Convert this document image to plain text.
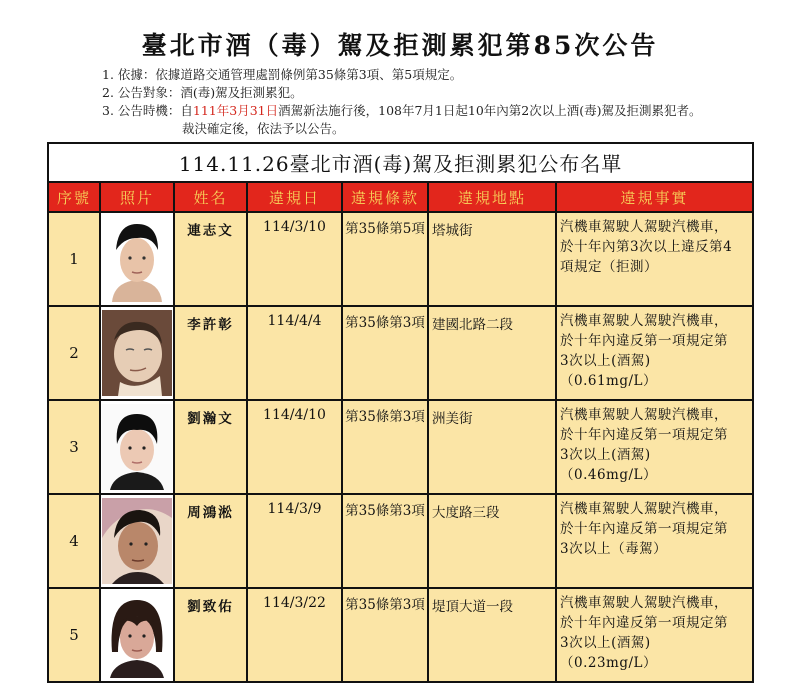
臺北市酒（毒）駕及拒測累犯第85次公告
1. 依據：依據道路交通管理處罰條例第35條第3項、第5項規定。
2. 公告對象：酒(毒)駕及拒測累犯。
3. 公告時機：自111年3月31日酒駕新法施行後，108年7月1日起10年內第2次以上酒(毒)駕及拒測累犯者。
裁決確定後，依法予以公告。
114.11.26臺北市酒(毒)駕及拒測累犯公布名單						
序號	照片	姓名	違規日	違規條款	違規地點	違規事實
1		連志文	114/3/10	第35條第5項	塔城街	汽機車駕駛人駕駛汽機車，
於十年內第3次以上違反第4
項規定（拒測）

2		李許彰	114/4/4	第35條第3項	建國北路二段	汽機車駕駛人駕駛汽機車，
於十年內違反第一項規定第
3次以上(酒駕)
（0.61mg/L）

3		劉瀚文	114/4/10	第35條第3項	洲美街	汽機車駕駛人駕駛汽機車，
於十年內違反第一項規定第
3次以上(酒駕)
（0.46mg/L）

4		周鴻淞	114/3/9	第35條第3項	大度路三段	汽機車駕駛人駕駛汽機車，
於十年內違反第一項規定第
3次以上（毒駕）

5		劉致佑	114/3/22	第35條第3項	堤頂大道一段	汽機車駕駛人駕駛汽機車，
於十年內違反第一項規定第
3次以上(酒駕)
（0.23mg/L）
